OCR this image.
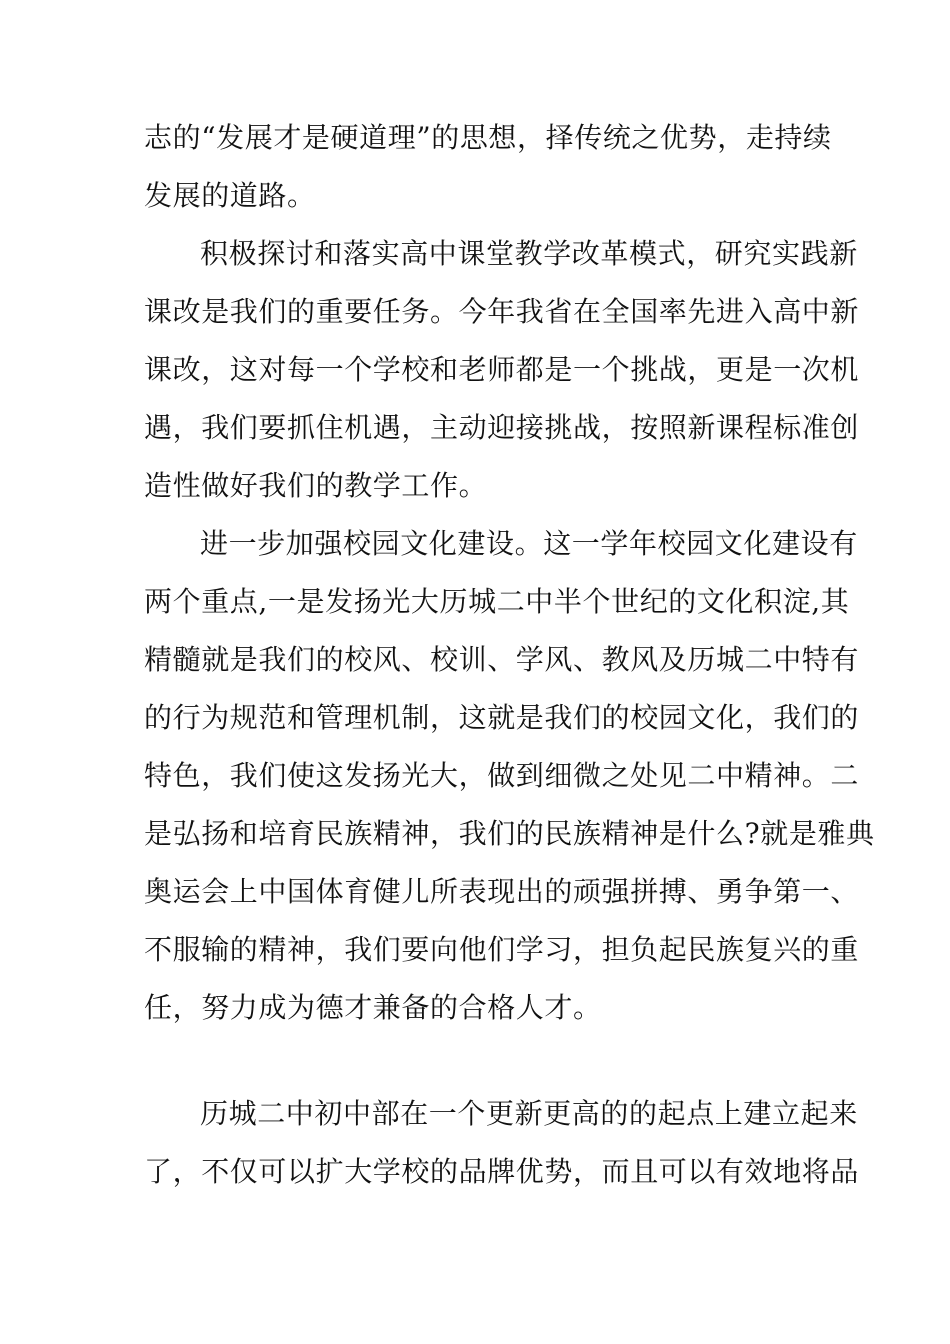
志的“发展才是硬道理”的思想，择传统之优势，走持续
发展的道路。
积极探讨和落实高中课堂教学改革模式，研究实践新
课改是我们的重要任务。今年我省在全国率先进入高中新
课改，这对每一个学校和老师都是一个挑战，更是一次机
遇，我们要抓住机遇，主动迎接挑战，按照新课程标准创
造性做好我们的教学工作。
进一步加强校园文化建设。这一学年校园文化建设有
两个重点,一是发扬光大历城二中半个世纪的文化积淀,其
精髓就是我们的校风、校训、学风、教风及历城二中特有
的行为规范和管理机制，这就是我们的校园文化，我们的
特色，我们使这发扬光大，做到细微之处见二中精神。二
是弘扬和培育民族精神，我们的民族精神是什么?就是雅典
奥运会上中国体育健儿所表现出的顽强拼搏、勇争第一、
不服输的精神，我们要向他们学习，担负起民族复兴的重
任，努力成为德才兼备的合格人才。
历城二中初中部在一个更新更高的的起点上建立起来
了，不仅可以扩大学校的品牌优势，而且可以有效地将品
